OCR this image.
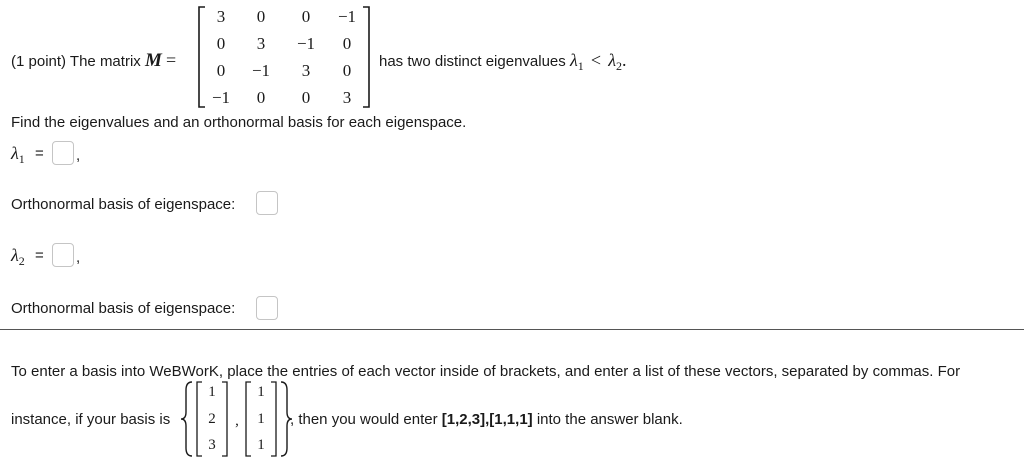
(1 point) The matrix M =
3	0	0	−1
0	3	−1	0
0	−1	3	0
−1	0	0	3
has two distinct eigenvalues $\lambda_1 < \lambda_2$.
Find the eigenvalues and an orthonormal basis for each eigenspace.
$\lambda_1$ = ,
Orthonormal basis of eigenspace:
$\lambda_2$ = ,
Orthonormal basis of eigenspace:
To enter a basis into WeBWorK, place the entries of each vector inside of brackets, and enter a list of these vectors, separated by commas. For
instance, if your basis is
1
2
3
,
1
1
1
, then you would enter [1,2,3],[1,1,1] into the answer blank.
